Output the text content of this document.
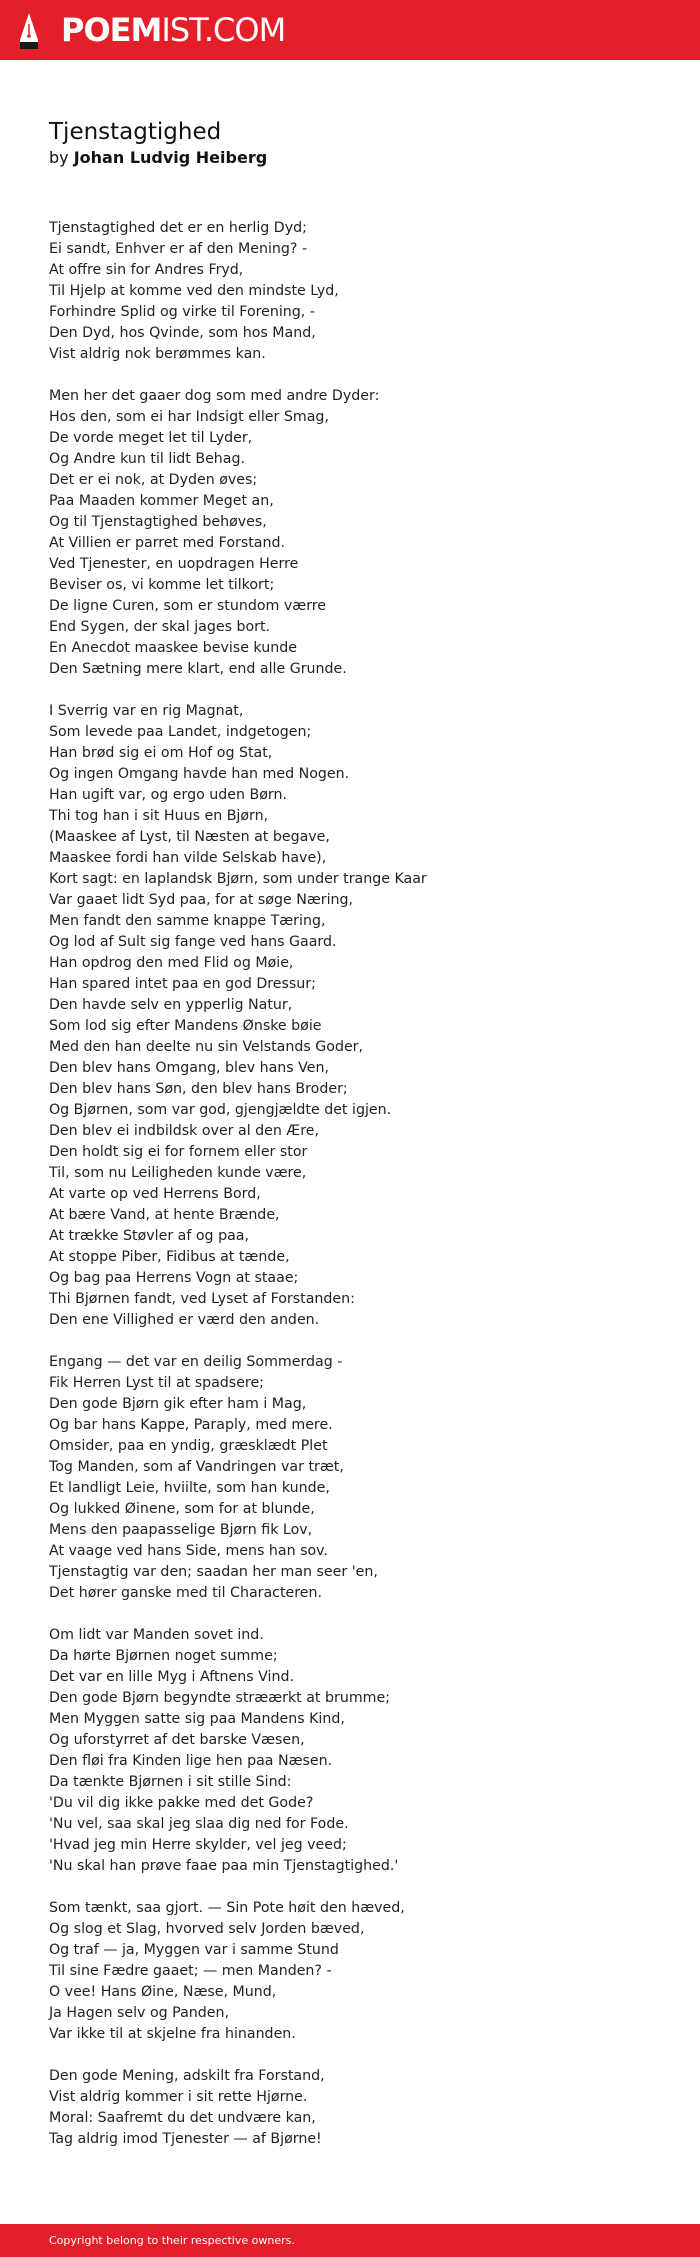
POEMIST.COM
Tjenstagtighed
by Johan Ludvig Heiberg
Tjenstagtighed det er en herlig Dyd;
Ei sandt, Enhver er af den Mening? -
At offre sin for Andres Fryd,
Til Hjelp at komme ved den mindste Lyd,
Forhindre Splid og virke til Forening, -
Den Dyd, hos Qvinde, som hos Mand,
Vist aldrig nok berømmes kan.
Men her det gaaer dog som med andre Dyder:
Hos den, som ei har Indsigt eller Smag,
De vorde meget let til Lyder,
Og Andre kun til lidt Behag.
Det er ei nok, at Dyden øves;
Paa Maaden kommer Meget an,
Og til Tjenstagtighed behøves,
At Villien er parret med Forstand.
Ved Tjenester, en uopdragen Herre
Beviser os, vi komme let tilkort;
De ligne Curen, som er stundom værre
End Sygen, der skal jages bort.
En Anecdot maaskee bevise kunde
Den Sætning mere klart, end alle Grunde.
I Sverrig var en rig Magnat,
Som levede paa Landet, indgetogen;
Han brød sig ei om Hof og Stat,
Og ingen Omgang havde han med Nogen.
Han ugift var, og ergo uden Børn.
Thi tog han i sit Huus en Bjørn,
(Maaskee af Lyst, til Næsten at begave,
Maaskee fordi han vilde Selskab have),
Kort sagt: en laplandsk Bjørn, som under trange Kaar
Var gaaet lidt Syd paa, for at søge Næring,
Men fandt den samme knappe Tæring,
Og lod af Sult sig fange ved hans Gaard.
Han opdrog den med Flid og Møie,
Han spared intet paa en god Dressur;
Den havde selv en ypperlig Natur,
Som lod sig efter Mandens Ønske bøie
Med den han deelte nu sin Velstands Goder,
Den blev hans Omgang, blev hans Ven,
Den blev hans Søn, den blev hans Broder;
Og Bjørnen, som var god, gjengjældte det igjen.
Den blev ei indbildsk over al den Ære,
Den holdt sig ei for fornem eller stor
Til, som nu Leiligheden kunde være,
At varte op ved Herrens Bord,
At bære Vand, at hente Brænde,
At trække Støvler af og paa,
At stoppe Piber, Fidibus at tænde,
Og bag paa Herrens Vogn at staae;
Thi Bjørnen fandt, ved Lyset af Forstanden:
Den ene Villighed er værd den anden.
Engang — det var en deilig Sommerdag -
Fik Herren Lyst til at spadsere;
Den gode Bjørn gik efter ham i Mag,
Og bar hans Kappe, Paraply, med mere.
Omsider, paa en yndig, græsklædt Plet
Tog Manden, som af Vandringen var træt,
Et landligt Leie, hviilte, som han kunde,
Og lukked Øinene, som for at blunde,
Mens den paapasselige Bjørn fik Lov,
At vaage ved hans Side, mens han sov.
Tjenstagtig var den; saadan her man seer 'en,
Det hører ganske med til Characteren.
Om lidt var Manden sovet ind.
Da hørte Bjørnen noget summe;
Det var en lille Myg i Aftnens Vind.
Den gode Bjørn begyndte stræærkt at brumme;
Men Myggen satte sig paa Mandens Kind,
Og uforstyrret af det barske Væsen,
Den fløi fra Kinden lige hen paa Næsen.
Da tænkte Bjørnen i sit stille Sind:
'Du vil dig ikke pakke med det Gode?
'Nu vel, saa skal jeg slaa dig ned for Fode.
'Hvad jeg min Herre skylder, vel jeg veed;
'Nu skal han prøve faae paa min Tjenstagtighed.'
Som tænkt, saa gjort. — Sin Pote høit den hæved,
Og slog et Slag, hvorved selv Jorden bæved,
Og traf — ja, Myggen var i samme Stund
Til sine Fædre gaaet; — men Manden? -
O vee! Hans Øine, Næse, Mund,
Ja Hagen selv og Panden,
Var ikke til at skjelne fra hinanden.
Den gode Mening, adskilt fra Forstand,
Vist aldrig kommer i sit rette Hjørne.
Moral: Saafremt du det undvære kan,
Tag aldrig imod Tjenester — af Bjørne!
Copyright belong to their respective owners.
